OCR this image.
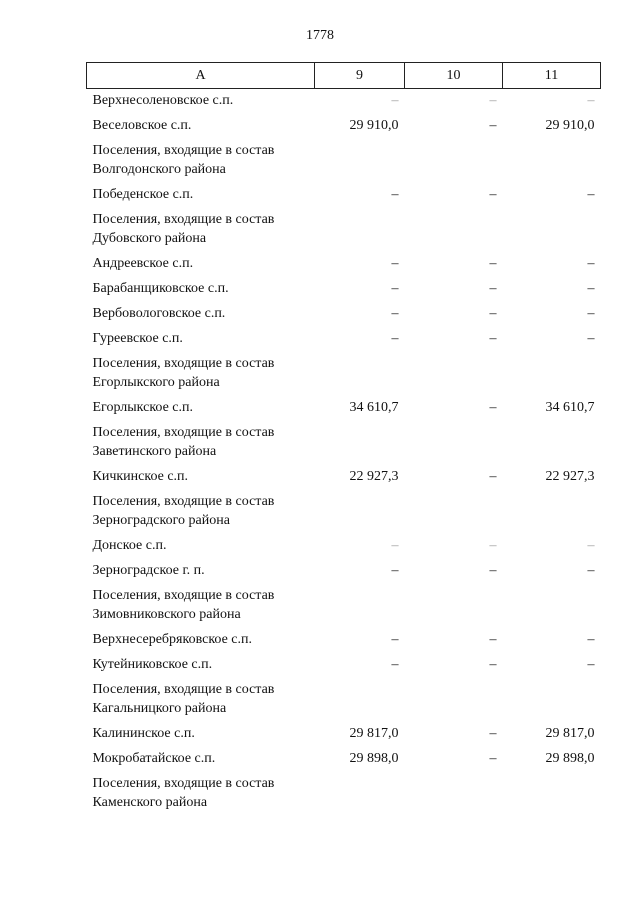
1778
А	9	10	11
Верхнесоленовское с.п.	–	–	–
Веселовское с.п.	29 910,0	–	29 910,0
Поселения, входящие в состав Волгодонского района			
Победенское с.п.	–	–	–
Поселения, входящие в состав Дубовского района			
Андреевское с.п.	–	–	–
Барабанщиковское с.п.	–	–	–
Вербовологовское с.п.	–	–	–
Гуреевское с.п.	–	–	–
Поселения, входящие в состав Егорлыкского района			
Егорлыкское с.п.	34 610,7	–	34 610,7
Поселения, входящие в состав Заветинского района			
Кичкинское с.п.	22 927,3	–	22 927,3
Поселения, входящие в состав Зерноградского района			
Донское с.п.	–	–	–
Зерноградское г. п.	–	–	–
Поселения, входящие в состав Зимовниковского района			
Верхнесеребряковское с.п.	–	–	–
Кутейниковское с.п.	–	–	–
Поселения, входящие в состав Кагальницкого района			
Калининское с.п.	29 817,0	–	29 817,0
Мокробатайское с.п.	29 898,0	–	29 898,0
Поселения, входящие в состав Каменского района			
